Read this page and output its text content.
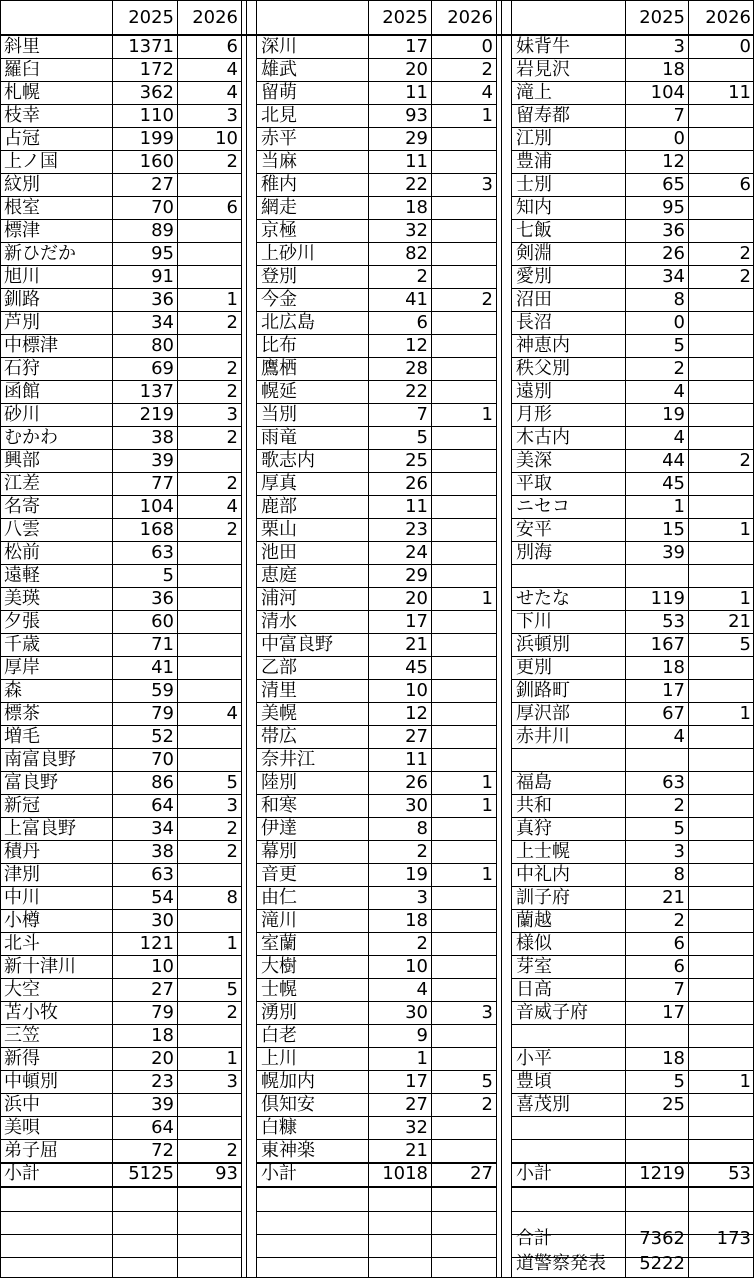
2025	2026
斜里	1371	6
羅臼	172	4
札幌	362	4
枝幸	110	3
占冠	199	10
上ノ国	160	2
紋別	27
根室	70	6
標津	89
新ひだか	95
旭川	91
釧路	36	1
芦別	34	2
中標津	80
石狩	69	2
函館	137	2
砂川	219	3
むかわ	38	2
興部	39
江差	77	2
名寄	104	4
八雲	168	2
松前	63
遠軽	5
美瑛	36
夕張	60
千歳	71
厚岸	41
森	59
標茶	79	4
増毛	52
南富良野	70
富良野	86	5
新冠	64	3
上富良野	34	2
積丹	38	2
津別	63
中川	54	8
小樽	30
北斗	121	1
新十津川	10
大空	27	5
苫小牧	79	2
三笠	18
新得	20	1
中頓別	23	3
浜中	39
美唄	64
弟子屈	72	2
小計	5125	93
2025	2026
深川	17	0
雄武	20	2
留萌	11	4
北見	93	1
赤平	29
当麻	11
稚内	22	3
網走	18
京極	32
上砂川	82
登別	2
今金	41	2
北広島	6
比布	12
鷹栖	28
幌延	22
当別	7	1
雨竜	5
歌志内	25
厚真	26
鹿部	11
栗山	23
池田	24
恵庭	29
浦河	20	1
清水	17
中富良野	21
乙部	45
清里	10
美幌	12
帯広	27
奈井江	11
陸別	26	1
和寒	30	1
伊達	8
幕別	2
音更	19	1
由仁	3
滝川	18
室蘭	2
大樹	10
士幌	4
湧別	30	3
白老	9
上川	1
幌加内	17	5
倶知安	27	2
白糠	32
東神楽	21
小計	1018	27
2025	2026
妹背牛	3	0
岩見沢	18
滝上	104	11
留寿都	7
江別	0
豊浦	12
士別	65	6
知内	95
七飯	36
剣淵	26	2
愛別	34	2
沼田	8
長沼	0
神恵内	5
秩父別	2
遠別	4
月形	19
木古内	4
美深	44	2
平取	45
ニセコ	1
安平	15	1
別海	39
せたな	119	1
下川	53	21
浜頓別	167	5
更別	18
釧路町	17
厚沢部	67	1
赤井川	4
福島	63
共和	2
真狩	5
上士幌	3
中礼内	8
訓子府	21
蘭越	2
様似	6
芽室	6
日高	7
音威子府	17
小平	18
豊頃	5	1
喜茂別	25
小計	1219	53
合計	7362	173
道警察発表	5222
